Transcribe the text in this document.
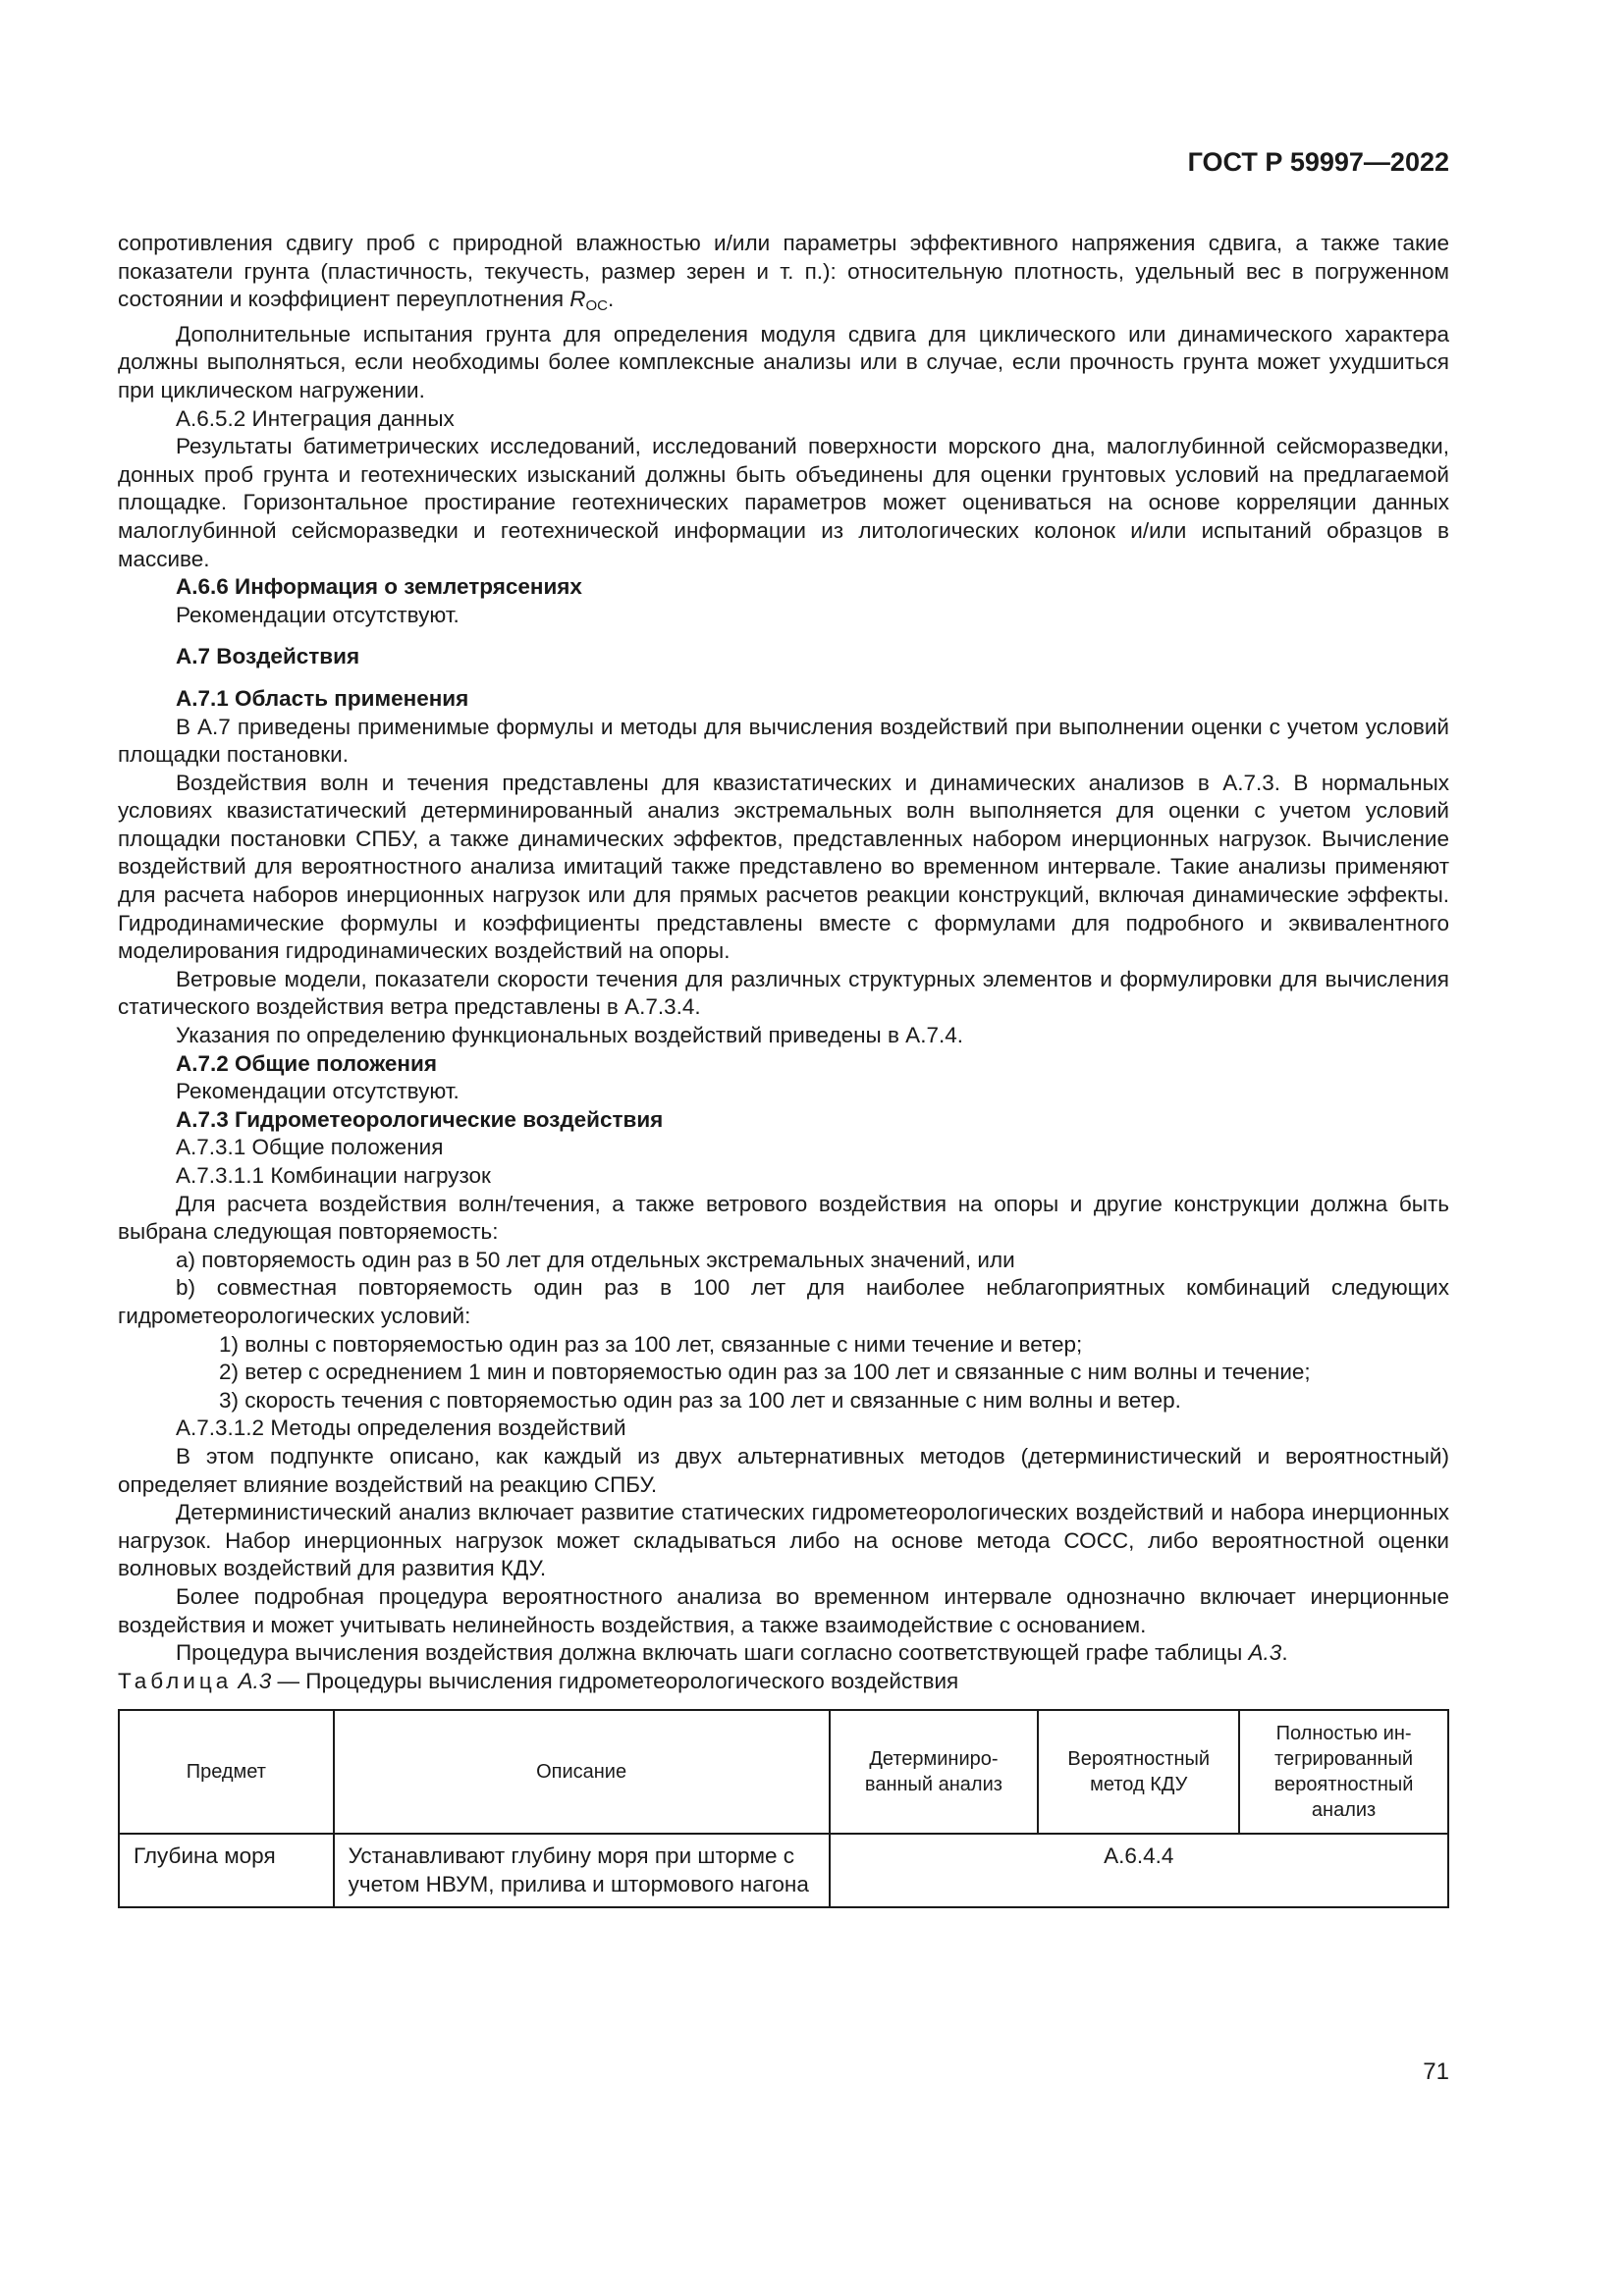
ГОСТ Р 59997—2022

сопротивления сдвигу проб с природной влажностью и/или параметры эффективного напряжения сдвига, а также такие показатели грунта (пластичность, текучесть, размер зерен и т. п.): относительную плотность, удельный вес в погруженном состоянии и коэффициент переуплотнения $R_{OC}$.

Дополнительные испытания грунта для определения модуля сдвига для циклического или динамического характера должны выполняться, если необходимы более комплексные анализы или в случае, если прочность грунта может ухудшиться при циклическом нагружении.

А.6.5.2 Интеграция данных

Результаты батиметрических исследований, исследований поверхности морского дна, малоглубинной сейсморазведки, донных проб грунта и геотехнических изысканий должны быть объединены для оценки грунтовых условий на предлагаемой площадке. Горизонтальное простирание геотехнических параметров может оцениваться на основе корреляции данных малоглубинной сейсморазведки и геотехнической информации из литологических колонок и/или испытаний образцов в массиве.

А.6.6 Информация о землетрясениях

Рекомендации отсутствуют.

А.7 Воздействия

А.7.1 Область применения

В А.7 приведены применимые формулы и методы для вычисления воздействий при выполнении оценки с учетом условий площадки постановки.

Воздействия волн и течения представлены для квазистатических и динамических анализов в А.7.3. В нормальных условиях квазистатический детерминированный анализ экстремальных волн выполняется для оценки с учетом условий площадки постановки СПБУ, а также динамических эффектов, представленных набором инерционных нагрузок. Вычисление воздействий для вероятностного анализа имитаций также представлено во временном интервале. Такие анализы применяют для расчета наборов инерционных нагрузок или для прямых расчетов реакции конструкций, включая динамические эффекты. Гидродинамические формулы и коэффициенты представлены вместе с формулами для подробного и эквивалентного моделирования гидродинамических воздействий на опоры.

Ветровые модели, показатели скорости течения для различных структурных элементов и формулировки для вычисления статического воздействия ветра представлены в А.7.3.4.

Указания по определению функциональных воздействий приведены в А.7.4.

А.7.2 Общие положения

Рекомендации отсутствуют.

А.7.3 Гидрометеорологические воздействия

А.7.3.1 Общие положения

А.7.3.1.1 Комбинации нагрузок

Для расчета воздействия волн/течения, а также ветрового воздействия на опоры и другие конструкции должна быть выбрана следующая повторяемость:

a) повторяемость один раз в 50 лет для отдельных экстремальных значений, или

b) совместная повторяемость один раз в 100 лет для наиболее неблагоприятных комбинаций следующих гидрометеорологических условий:

1) волны с повторяемостью один раз за 100 лет, связанные с ними течение и ветер;

2) ветер с осреднением 1 мин и повторяемостью один раз за 100 лет и связанные с ним волны и течение;

3) скорость течения с повторяемостью один раз за 100 лет и связанные с ним волны и ветер.

А.7.3.1.2 Методы определения воздействий

В этом подпункте описано, как каждый из двух альтернативных методов (детерминистический и вероятностный) определяет влияние воздействий на реакцию СПБУ.

Детерминистический анализ включает развитие статических гидрометеорологических воздействий и набора инерционных нагрузок. Набор инерционных нагрузок может складываться либо на основе метода СОСС, либо вероятностной оценки волновых воздействий для развития КДУ.

Более подробная процедура вероятностного анализа во временном интервале однозначно включает инерционные воздействия и может учитывать нелинейность воздействия, а также взаимодействие с основанием.

Процедура вычисления воздействия должна включать шаги согласно соответствующей графе таблицы А.3.

Таблица А.3 — Процедуры вычисления гидрометеорологического воздействия

Предмет	Описание	Детерминиро-ванный анализ	Вероятностный метод КДУ	Полностью ин-тегрированный вероятностный анализ
Глубина моря	Устанавливают глубину моря при шторме с учетом НВУМ, прилива и штормового нагона	А.6.4.4		
71
